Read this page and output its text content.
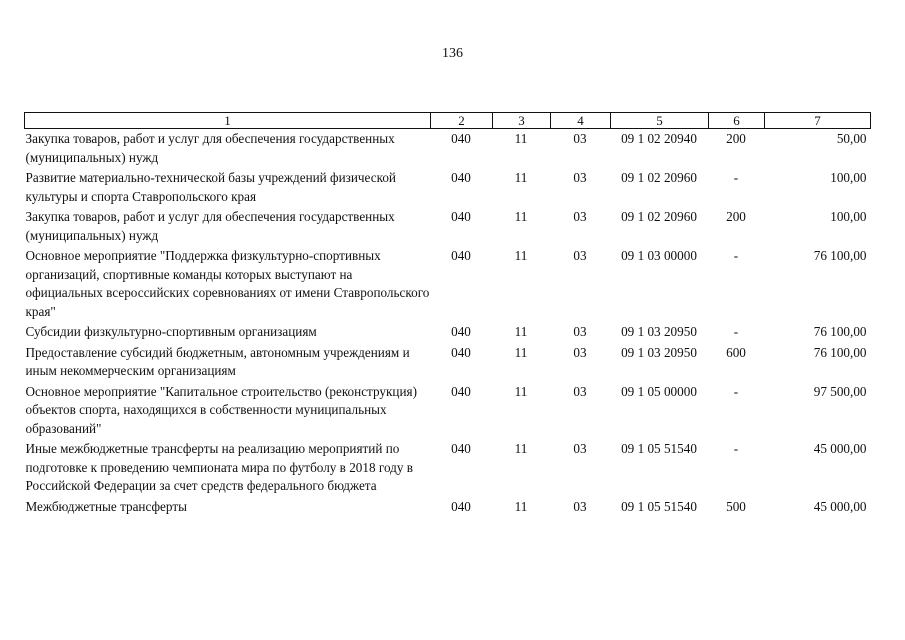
136
1	2	3	4	5	6	7
Закупка товаров, работ и услуг для обеспечения государственных (муниципальных) нужд	040	11	03	09 1 02 20940	200	50,00
Развитие материально-технической базы учреждений физической культуры и спорта Ставропольского края	040	11	03	09 1 02 20960	-	100,00
Закупка товаров, работ и услуг для обеспечения государственных (муниципальных) нужд	040	11	03	09 1 02 20960	200	100,00
Основное мероприятие "Поддержка физкультурно-спортивных организаций, спортивные команды которых выступают на официальных всероссийских соревнованиях от имени Ставропольского края"	040	11	03	09 1 03 00000	-	76 100,00
Субсидии физкультурно-спортивным организациям	040	11	03	09 1 03 20950	-	76 100,00
Предоставление субсидий бюджетным, автономным учреждениям и иным некоммерческим организациям	040	11	03	09 1 03 20950	600	76 100,00
Основное мероприятие "Капитальное строительство (реконструкция) объектов спорта, находящихся в собственности муниципальных образований"	040	11	03	09 1 05 00000	-	97 500,00
Иные межбюджетные трансферты на реализацию мероприятий по подготовке к проведению чемпионата мира по футболу в 2018 году в Российской Федерации за счет средств федерального бюджета	040	11	03	09 1 05 51540	-	45 000,00
Межбюджетные трансферты	040	11	03	09 1 05 51540	500	45 000,00
